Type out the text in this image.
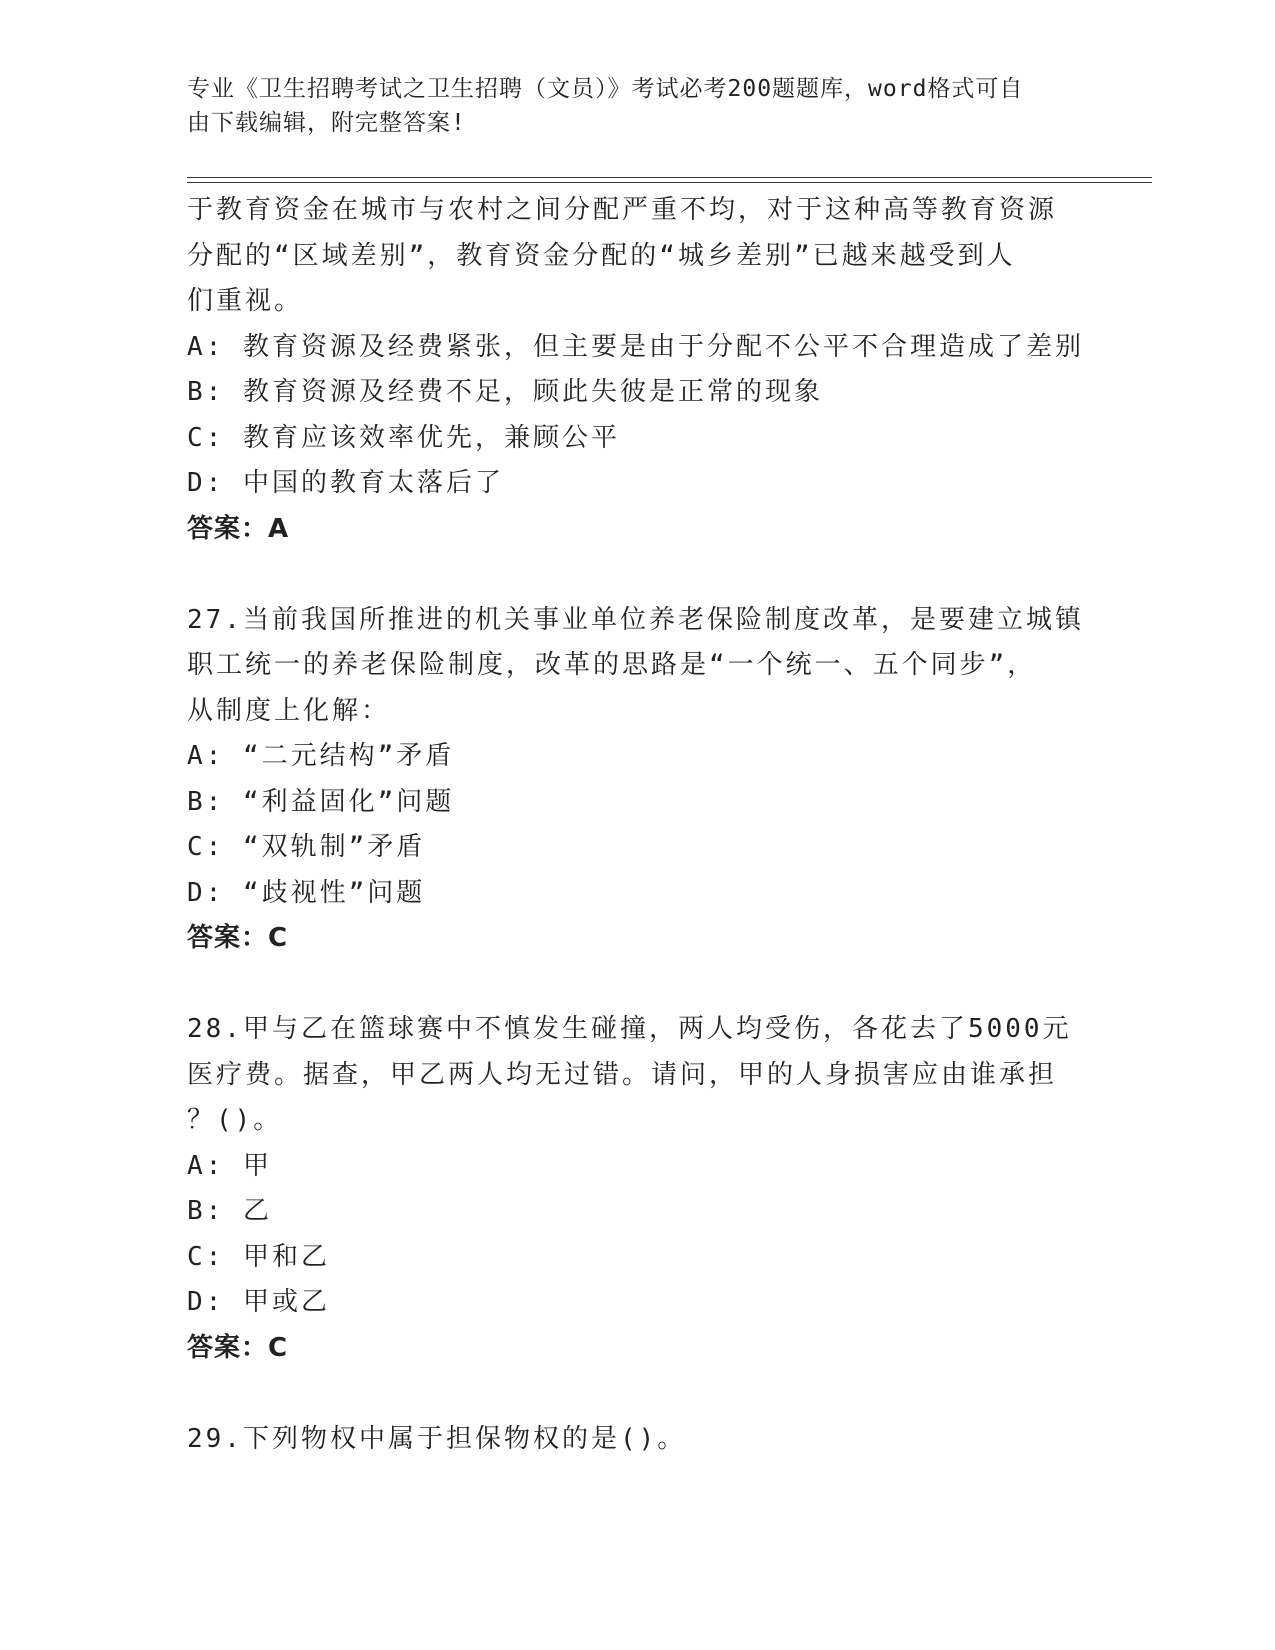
专业《卫生招聘考试之卫生招聘（文员）》考试必考200题题库，word格式可自
由下载编辑，附完整答案!
于教育资金在城市与农村之间分配严重不均，对于这种高等教育资源
分配的“区域差别”，教育资金分配的“城乡差别”已越来越受到人
们重视。
A: 教育资源及经费紧张，但主要是由于分配不公平不合理造成了差别
B: 教育资源及经费不足，顾此失彼是正常的现象
C: 教育应该效率优先，兼顾公平
D: 中国的教育太落后了
答案：A
27.当前我国所推进的机关事业单位养老保险制度改革，是要建立城镇
职工统一的养老保险制度，改革的思路是“一个统一、五个同步”，
从制度上化解：
A: “二元结构”矛盾
B: “利益固化”问题
C: “双轨制”矛盾
D: “歧视性”问题
答案：C
28.甲与乙在篮球赛中不慎发生碰撞，两人均受伤，各花去了5000元
医疗费。据查，甲乙两人均无过错。请问，甲的人身损害应由谁承担
？()。
A: 甲
B: 乙
C: 甲和乙
D: 甲或乙
答案：C
29.下列物权中属于担保物权的是()。
